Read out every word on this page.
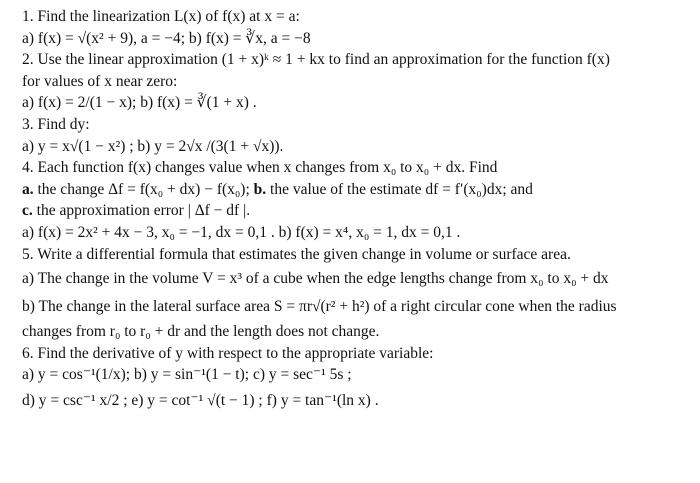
1. Find the linearization L(x) of f(x) at x = a:
a) f(x) = √(x² + 9), a = −4; b) f(x) = ∛x, a = −8
2. Use the linear approximation (1 + x)ᵏ ≈ 1 + kx to find an approximation for the function f(x)
for values of x near zero:
a) f(x) = 2/(1 − x); b) f(x) = ∛(1 + x) .
3. Find dy:
a) y = x√(1 − x²) ; b) y = 2√x /(3(1 + √x)).
4. Each function f(x) changes value when x changes from x₀ to x₀ + dx. Find
a. the change Δf = f(x₀ + dx) − f(x₀); b. the value of the estimate df = f′(x₀)dx; and
c. the approximation error | Δf − df |.
a) f(x) = 2x² + 4x − 3, x₀ = −1, dx = 0,1 . b) f(x) = x⁴, x₀ = 1, dx = 0,1 .
5. Write a differential formula that estimates the given change in volume or surface area.
a) The change in the volume V = x³ of a cube when the edge lengths change from x₀ to x₀ + dx
b) The change in the lateral surface area S = πr√(r² + h²) of a right circular cone when the radius
changes from r₀ to r₀ + dr and the length does not change.
6. Find the derivative of y with respect to the appropriate variable:
a) y = cos⁻¹(1/x); b) y = sin⁻¹(1 − t); c) y = sec⁻¹ 5s ;
d) y = csc⁻¹ x/2 ; e) y = cot⁻¹ √(t − 1) ; f) y = tan⁻¹(ln x) .
